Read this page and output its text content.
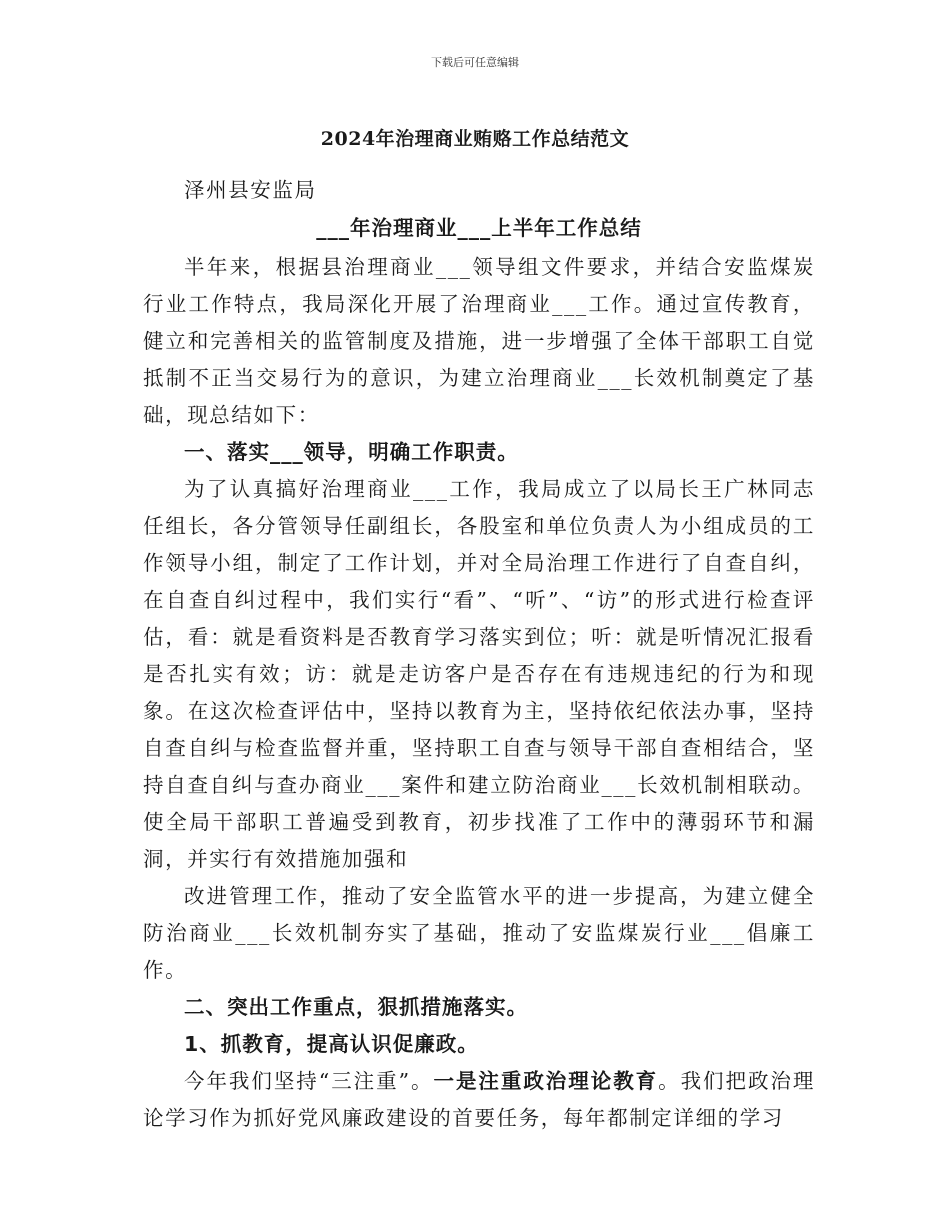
下载后可任意编辑
2024年治理商业贿赂工作总结范文

泽州县安监局

___年治理商业___上半年工作总结

半年来，根据县治理商业___领导组文件要求，并结合安监煤炭行业工作特点，我局深化开展了治理商业___工作。通过宣传教育，健立和完善相关的监管制度及措施，进一步增强了全体干部职工自觉抵制不正当交易行为的意识，为建立治理商业___长效机制奠定了基础，现总结如下：

一、落实___领导，明确工作职责。

为了认真搞好治理商业___工作，我局成立了以局长王广林同志任组长，各分管领导任副组长，各股室和单位负责人为小组成员的工作领导小组，制定了工作计划，并对全局治理工作进行了自查自纠，在自查自纠过程中，我们实行“看”、“听”、“访”的形式进行检查评估，看：就是看资料是否教育学习落实到位；听：就是听情况汇报看是否扎实有效；访：就是走访客户是否存在有违规违纪的行为和现象。在这次检查评估中，坚持以教育为主，坚持依纪依法办事，坚持自查自纠与检查监督并重，坚持职工自查与领导干部自查相结合，坚持自查自纠与查办商业___案件和建立防治商业___长效机制相联动。使全局干部职工普遍受到教育，初步找准了工作中的薄弱环节和漏洞，并实行有效措施加强和

改进管理工作，推动了安全监管水平的进一步提高，为建立健全防治商业___长效机制夯实了基础，推动了安监煤炭行业___倡廉工作。

二、突出工作重点，狠抓措施落实。

1、抓教育，提高认识促廉政。

今年我们坚持“三注重”。一是注重政治理论教育。我们把政治理论学习作为抓好党风廉政建设的首要任务，每年都制定详细的学习
